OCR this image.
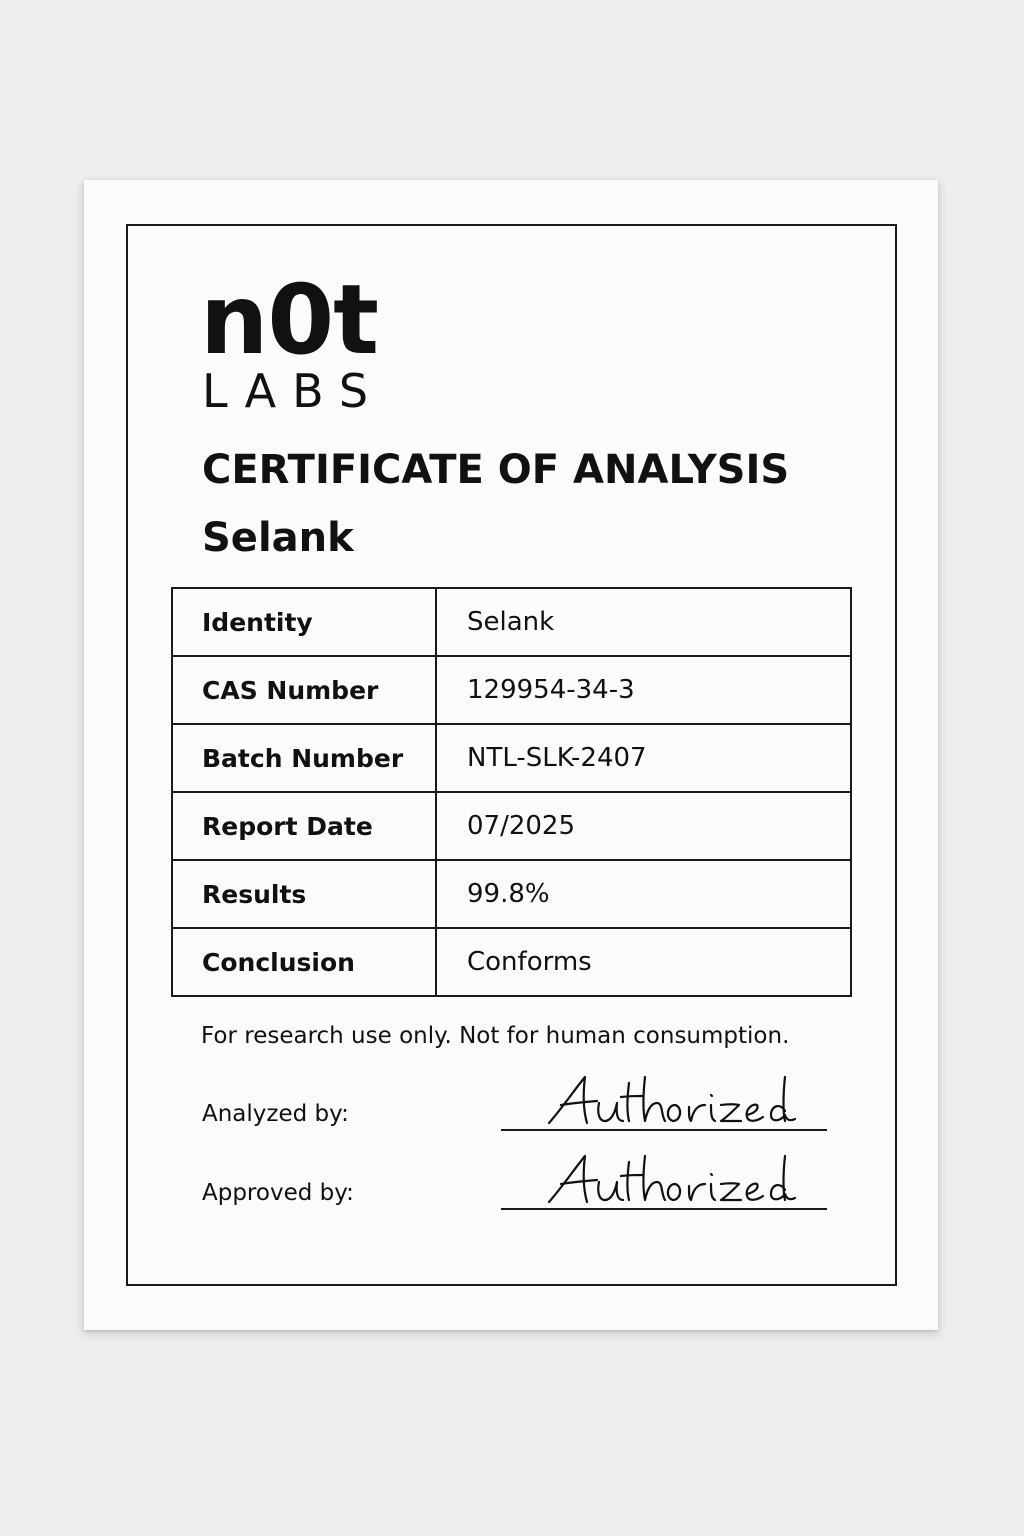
n0t
LABS
CERTIFICATE OF ANALYSIS
Selank
Identity	Selank
CAS Number	129954-34-3
Batch Number	NTL-SLK-2407
Report Date	07/2025
Results	99.8%
Conclusion	Conforms
For research use only. Not for human consumption.
Analyzed by:
Approved by:
